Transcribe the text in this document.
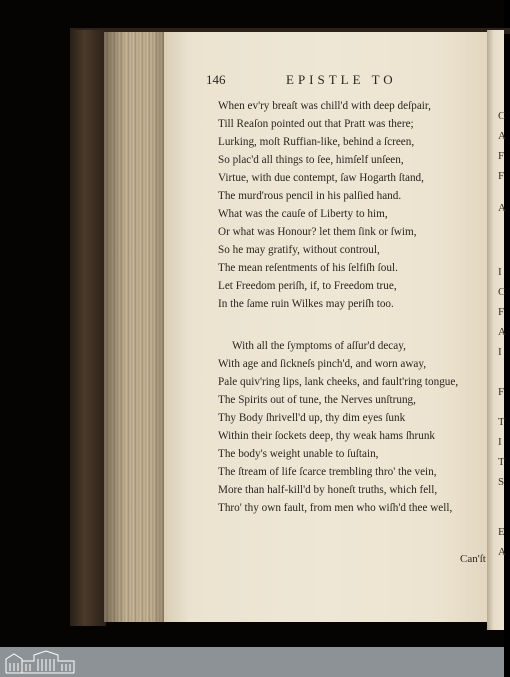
146	EPISTLE TO
When ev'ry breaſt was chill'd with deep deſpair,
Till Reaſon pointed out that Pratt was there;
Lurking, moſt Ruffian-like, behind a ſcreen,
So plac'd all things to ſee, himſelf unſeen,
Virtue, with due contempt, ſaw Hogarth ſtand,
The murd'rous pencil in his palſied hand.
What was the cauſe of Liberty to him,
Or what was Honour? let them ſink or ſwim,
So he may gratify, without controul,
The mean reſentments of his ſelfiſh ſoul.
Let Freedom periſh, if, to Freedom true,
In the ſame ruin Wilkes may periſh too.
With all the ſymptoms of aſſur'd decay,
With age and ſickneſs pinch'd, and worn away,
Pale quiv'ring lips, lank cheeks, and fault'ring tongue,
The Spirits out of tune, the Nerves unſtrung,
Thy Body ſhrivell'd up, thy dim eyes ſunk
Within their ſockets deep, thy weak hams ſhrunk
The body's weight unable to ſuſtain,
The ſtream of life ſcarce trembling thro' the vein,
More than half-kill'd by honeſt truths, which fell,
Thro' thy own fault, from men who wiſh'd thee well,
Can'ſt
C
A
F
F
A
I
C
F
A
I
F
T
I
T
S
E
A
